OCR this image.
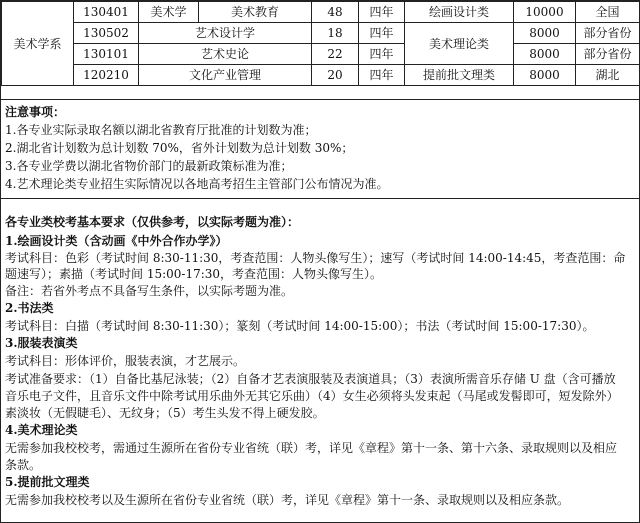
美术学系	130401	美术学	美术教育	48	四年	绘画设计类	10000	全国
	130502	艺术设计学		18	四年	美术理论类	8000	部分省份
	130101	艺术史论		22	四年		8000	部分省份
	120210	文化产业管理		20	四年	提前批文理类	8000	湖北
注意事项：
1.各专业实际录取名额以湖北省教育厅批准的计划数为准；
2.湖北省计划数为总计划数 70%，省外计划数为总计划数 30%；
3.各专业学费以湖北省物价部门的最新政策标准为准；
4.艺术理论类专业招生实际情况以各地高考招生主管部门公布情况为准。
各专业类校考基本要求（仅供参考，以实际考题为准）：
1.绘画设计类（含动画《中外合作办学》）
考试科目：色彩（考试时间 8:30-11:30，考查范围：人物头像写生）；速写（考试时间 14:00-14:45，考查范围：命
题速写）；素描（考试时间 15:00-17:30，考查范围：人物头像写生）。
备注：若省外考点不具备写生条件，以实际考题为准。
2.书法类
考试科目：白描（考试时间 8:30-11:30）；篆刻（考试时间 14:00-15:00）；书法（考试时间 15:00-17:30）。
3.服装表演类
考试科目：形体评价，服装表演，才艺展示。
考试准备要求：（1）自备比基尼泳装；（2）自备才艺表演服装及表演道具；（3）表演所需音乐存储 U 盘（含可播放
音乐电子文件，且音乐文件中除考试用乐曲外无其它乐曲）（4）女生必须将头发束起（马尾或发髻即可，短发除外）
素淡妆（无假睫毛）、无纹身；（5）考生头发不得上硬发胶。
4.美术理论类
无需参加我校校考，需通过生源所在省份专业省统（联）考，详见《章程》第十一条、第十六条、录取规则以及相应
条款。
5.提前批文理类
无需参加我校校考以及生源所在省份专业省统（联）考，详见《章程》第十一条、录取规则以及相应条款。
